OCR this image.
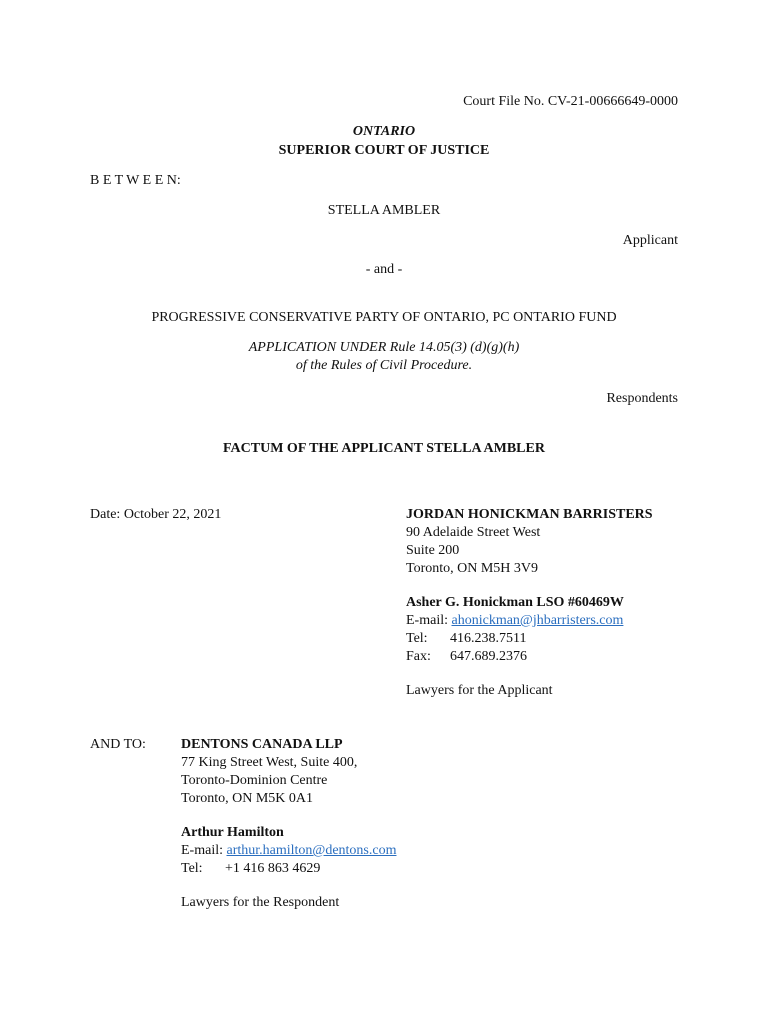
Court File No. CV-21-00666649-0000
ONTARIO
SUPERIOR COURT OF JUSTICE
B E T W E E N:
STELLA AMBLER
Applicant
- and -
PROGRESSIVE CONSERVATIVE PARTY OF ONTARIO, PC ONTARIO FUND
APPLICATION UNDER Rule 14.05(3) (d)(g)(h)
of the Rules of Civil Procedure.
Respondents
FACTUM OF THE APPLICANT STELLA AMBLER
Date: October 22, 2021	JORDAN HONICKMAN BARRISTERS
90 Adelaide Street West
Suite 200
Toronto, ON M5H 3V9
Asher G. Honickman LSO #60469W
E-mail: ahonickman@jhbarristers.com
Tel: 416.238.7511
Fax: 647.689.2376
Lawyers for the Applicant
AND TO:	DENTONS CANADA LLP
77 King Street West, Suite 400,
Toronto-Dominion Centre
Toronto, ON M5K 0A1
Arthur Hamilton
E-mail: arthur.hamilton@dentons.com
Tel: +1 416 863 4629
Lawyers for the Respondent
